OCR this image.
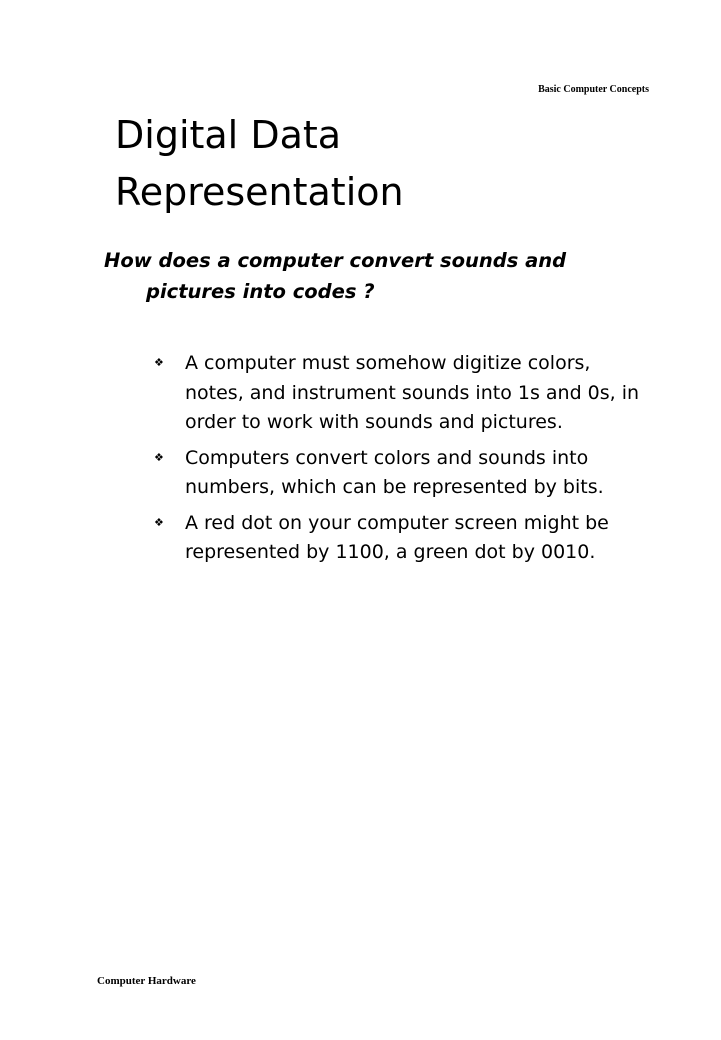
Basic Computer Concepts
Digital Data
Representation

How does a computer convert sounds and
pictures into codes ?

❖ A computer must somehow digitize colors, notes, and instrument sounds into 1s and 0s, in order to work with sounds and pictures.
❖ Computers convert colors and sounds into numbers, which can be represented by bits.
❖ A red dot on your computer screen might be represented by 1100, a green dot by 0010.
Computer Hardware
